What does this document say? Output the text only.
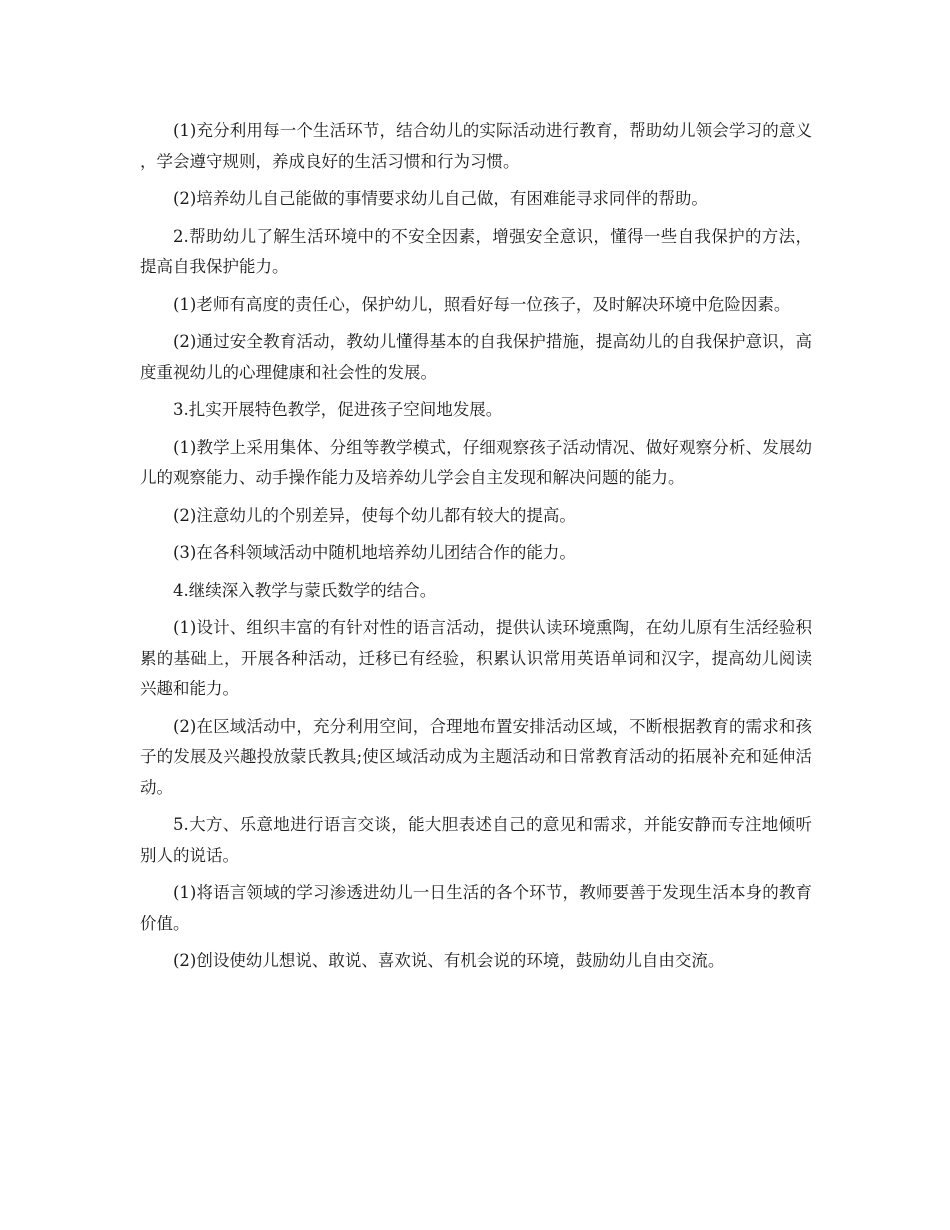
(1)充分利用每一个生活环节，结合幼儿的实际活动进行教育，帮助幼儿领会学习的意义，学会遵守规则，养成良好的生活习惯和行为习惯。

(2)培养幼儿自己能做的事情要求幼儿自己做，有困难能寻求同伴的帮助。

2.帮助幼儿了解生活环境中的不安全因素，增强安全意识，懂得一些自我保护的方法，提高自我保护能力。

(1)老师有高度的责任心，保护幼儿，照看好每一位孩子，及时解决环境中危险因素。

(2)通过安全教育活动，教幼儿懂得基本的自我保护措施，提高幼儿的自我保护意识，高度重视幼儿的心理健康和社会性的发展。

3.扎实开展特色教学，促进孩子空间地发展。

(1)教学上采用集体、分组等教学模式，仔细观察孩子活动情况、做好观察分析、发展幼儿的观察能力、动手操作能力及培养幼儿学会自主发现和解决问题的能力。

(2)注意幼儿的个别差异，使每个幼儿都有较大的提高。

(3)在各科领域活动中随机地培养幼儿团结合作的能力。

4.继续深入教学与蒙氏数学的结合。

(1)设计、组织丰富的有针对性的语言活动，提供认读环境熏陶，在幼儿原有生活经验积累的基础上，开展各种活动，迁移已有经验，积累认识常用英语单词和汉字，提高幼儿阅读兴趣和能力。

(2)在区域活动中，充分利用空间，合理地布置安排活动区域，不断根据教育的需求和孩子的发展及兴趣投放蒙氏教具;使区域活动成为主题活动和日常教育活动的拓展补充和延伸活动。

5.大方、乐意地进行语言交谈，能大胆表述自己的意见和需求，并能安静而专注地倾听别人的说话。

(1)将语言领域的学习渗透进幼儿一日生活的各个环节，教师要善于发现生活本身的教育价值。

(2)创设使幼儿想说、敢说、喜欢说、有机会说的环境，鼓励幼儿自由交流。
